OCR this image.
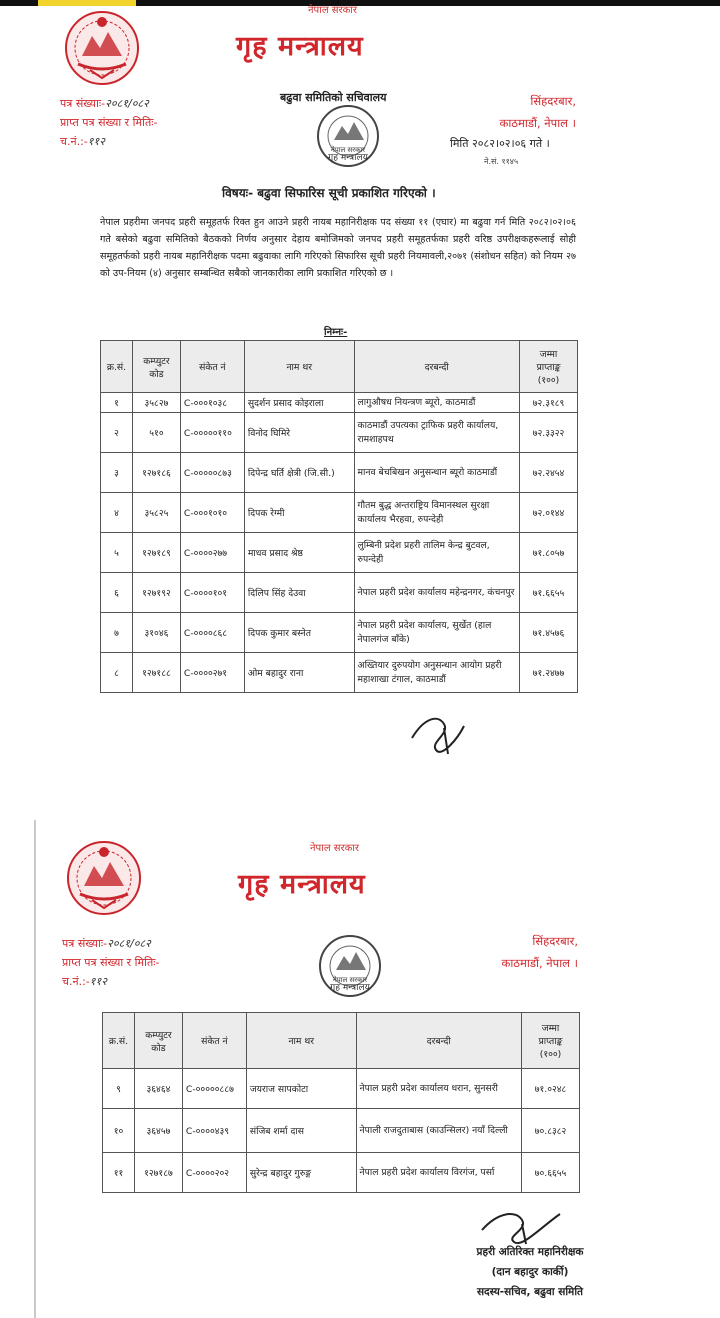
नेपाल सरकार
गृह मन्त्रालय
पत्र संख्याः-२०८१/०८२
प्राप्त पत्र संख्या र मितिः-
च.नं.:-११२
सिंहदरबार,
काठमाडौं, नेपाल ।
बढुवा समितिको सचिवालय
गृह मन्त्रालय
नेपाल सरकार	मिति २०८२।०२।०६ गते ।
ने.सं. ११४५
विषयः- बढुवा सिफारिस सूची प्रकाशित गरिएको ।
नेपाल प्रहरीमा जनपद प्रहरी समूहतर्फ रिक्त हुन आउने प्रहरी नायब महानिरीक्षक पद संख्या ११ (एघार) मा बढुवा गर्न मिति २०८२।०२।०६ गते बसेको बढुवा समितिको बैठकको निर्णय अनुसार देहाय बमोजिमको जनपद प्रहरी समूहतर्फका प्रहरी वरिष्ठ उपरीक्षकहरूलाई सोही समूहतर्फको प्रहरी नायब महानिरीक्षक पदमा बढुवाका लागि गरिएको सिफारिस सूची प्रहरी नियमावली,२०७१ (संशोधन सहित) को नियम २७ को उप-नियम (४) अनुसार सम्बन्धित सबैको जानकारीका लागि प्रकाशित गरिएको छ ।
निम्नः-
क्र.सं.	कम्प्युटर कोड	संकेत नं	नाम थर	दरबन्दी	जम्मा
प्राप्ताङ्क
(१००)

१	३५८२७	C-०००१०३८	सुदर्शन प्रसाद कोइराला	लागुऔषध नियन्त्रण ब्यूरो, काठमाडौं	७२.३१८९
२	५१०	C-०००००११०	विनोद घिमिरे	काठमाडौं उपत्यका ट्राफिक प्रहरी कार्यालय, रामशाहपथ	७२.३३२२
३	१२७१८६	C-०००००८७३	दिपेन्द्र घर्ति क्षेत्री (जि.सी.)	मानव बेचबिखन अनुसन्धान ब्यूरो काठमाडौं	७२.२४५४
४	३५८२५	C-०००१०१०	दिपक रेग्मी	गौतम बुद्ध अन्तराष्ट्रिय विमानस्थल सुरक्षा कार्यालय भैरहवा, रुपन्देही	७२.०१४४
५	१२७१८९	C-००००२७७	माधव प्रसाद श्रेष्ठ	लुम्बिनी प्रदेश प्रहरी तालिम केन्द्र बुटवल, रुपन्देही	७१.८०५७
६	१२७१९२	C-००००१०१	दिलिप सिंह देउवा	नेपाल प्रहरी प्रदेश कार्यालय महेन्द्रनगर, कंचनपुर	७१.६६५५
७	३१०४६	C-००००८६८	दिपक कुमार बस्नेत	नेपाल प्रहरी प्रदेश कार्यालय, सुर्खेत (हाल नेपालगंज बाँके)	७१.४५७६
८	१२७१८८	C-००००२७१	ओम बहादुर राना	अख्तियार दुरुपयोग अनुसन्धान आयोग प्रहरी महाशाखा टंगाल, काठमाडौं	७१.२४७७
नेपाल सरकार
गृह मन्त्रालय
पत्र संख्याः-२०८१/०८२
प्राप्त पत्र संख्या र मितिः-
च.नं.:-११२	गृह मन्त्रालय
नेपाल सरकार
सिंहदरबार,
काठमाडौं, नेपाल ।
क्र.सं.	कम्प्युटर कोड	संकेत नं	नाम थर	दरबन्दी	जम्मा
प्राप्ताङ्क
(१००)

९	३६४६४	C-०००००८८७	जयराज सापकोटा	नेपाल प्रहरी प्रदेश कार्यालय धरान, सुनसरी	७१.०२४८
१०	३६४५७	C-००००४३९	संजिब शर्मा दास	नेपाली राजदुताबास (काउन्सिलर) नयाँ दिल्ली	७०.८३८२
११	१२७१८७	C-००००२०२	सुरेन्द्र बहादुर गुरुङ्ग	नेपाल प्रहरी प्रदेश कार्यालय विरगंज, पर्सा	७०.६६५५
प्रहरी अतिरिक्त महानिरीक्षक
(दान बहादुर कार्की)
सदस्य-सचिव, बढुवा समिति
